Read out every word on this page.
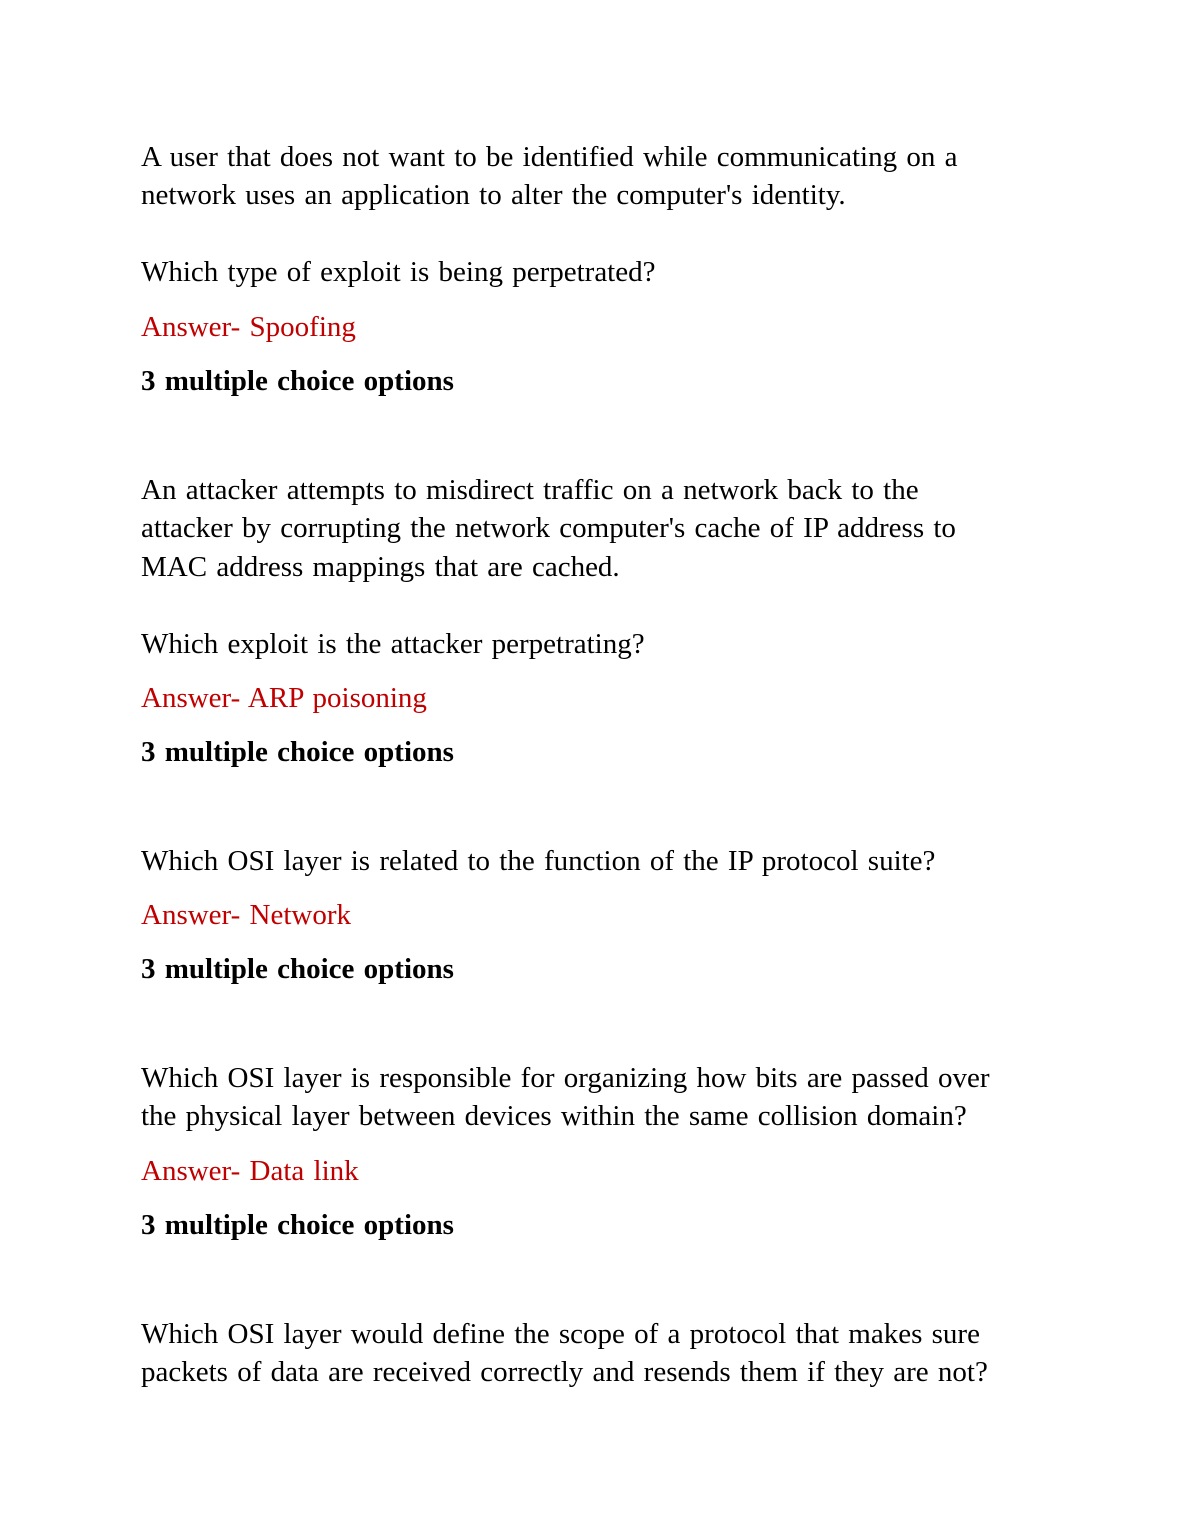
A user that does not want to be identified while communicating on a
network uses an application to alter the computer's identity.
Which type of exploit is being perpetrated?
Answer- Spoofing
3 multiple choice options
An attacker attempts to misdirect traffic on a network back to the
attacker by corrupting the network computer's cache of IP address to
MAC address mappings that are cached.
Which exploit is the attacker perpetrating?
Answer- ARP poisoning
3 multiple choice options
Which OSI layer is related to the function of the IP protocol suite?
Answer- Network
3 multiple choice options
Which OSI layer is responsible for organizing how bits are passed over
the physical layer between devices within the same collision domain?
Answer- Data link
3 multiple choice options
Which OSI layer would define the scope of a protocol that makes sure
packets of data are received correctly and resends them if they are not?
